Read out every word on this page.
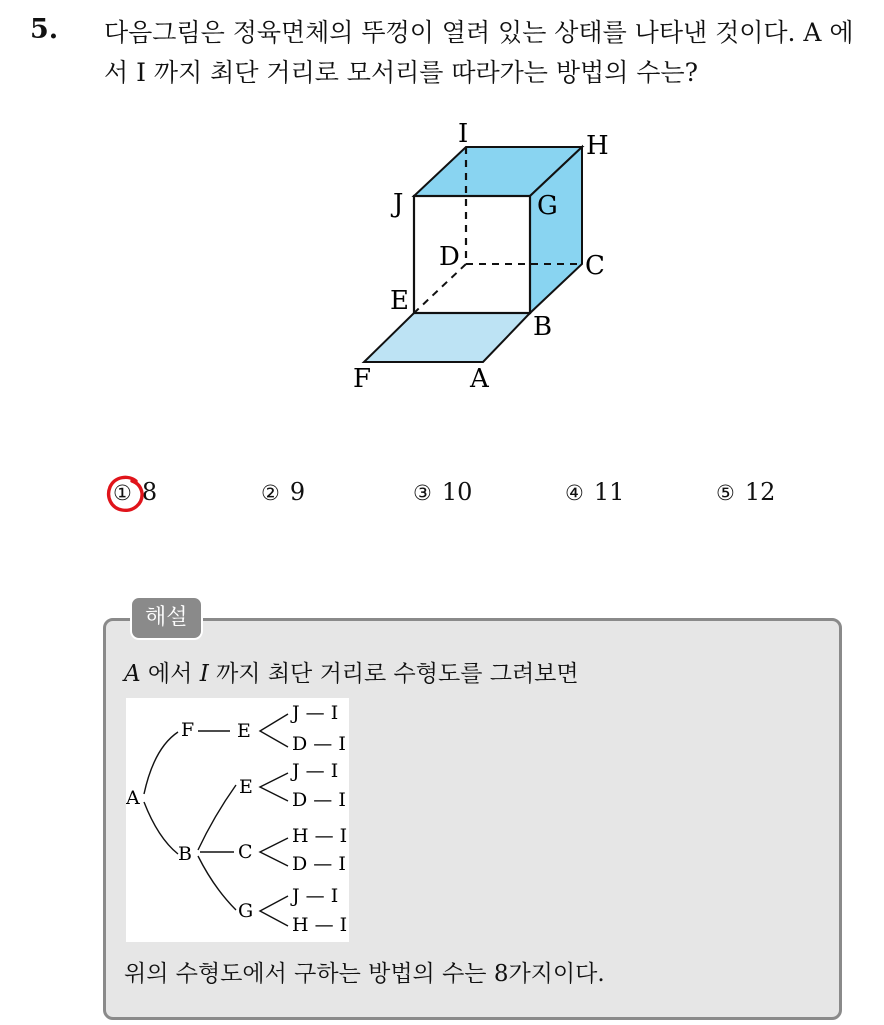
5. 다음그림은 정육면체의 뚜껑이 열려 있는 상태를 나타낸 것이다. A 에서 I 까지 최단 거리로 모서리를 따라가는 방법의 수는?
I	H
J	G
D	C
E
B
F	A
① 8	② 9	③ 10	④ 11	⑤ 12
해설
A 에서 I 까지 최단 거리로 수형도를 그려보면
A
F
B
E
E
C
G
J — I
D — I
J — I
D — I
H — I
D — I
J — I
H — I
위의 수형도에서 구하는 방법의 수는 8가지이다.
